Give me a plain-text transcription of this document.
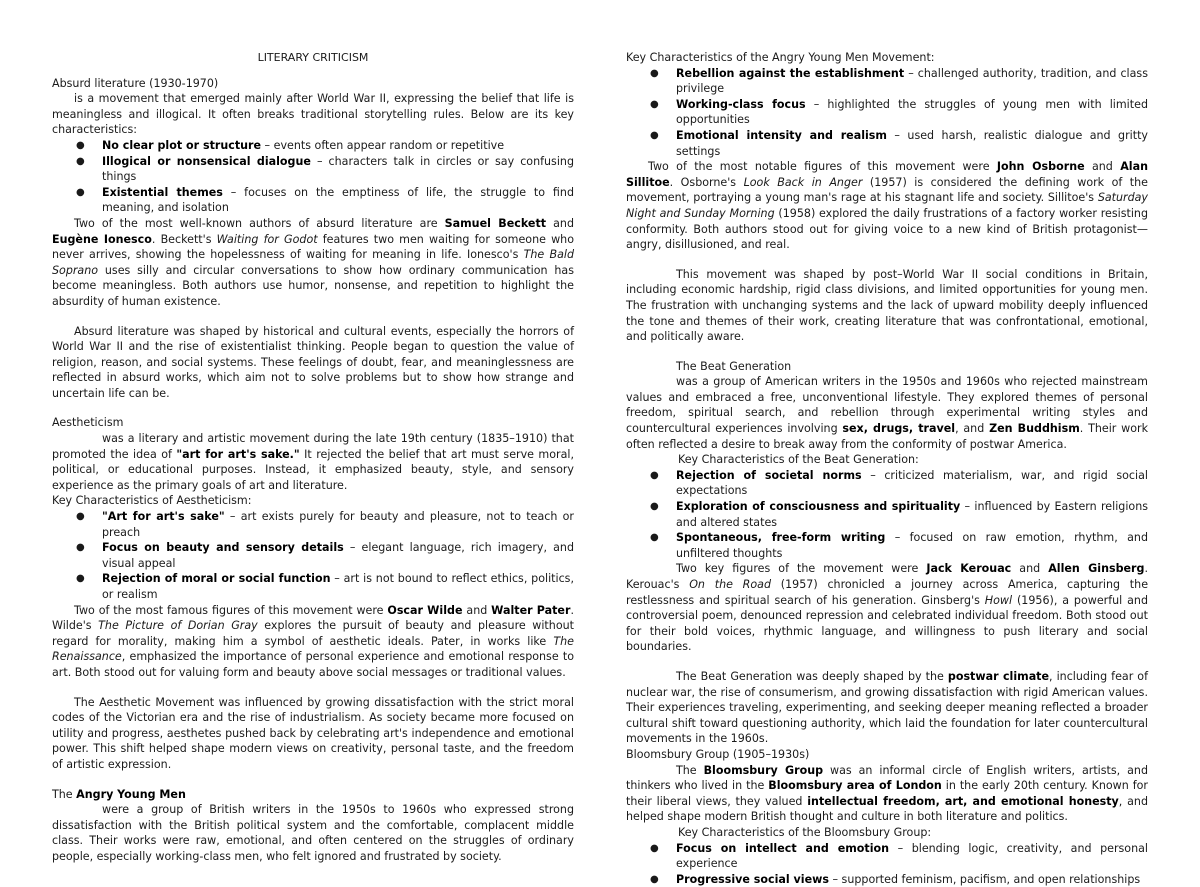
LITERARY CRITICISM

Absurd literature (1930-1970)

is a movement that emerged mainly after World War II, expressing the belief that life is meaningless and illogical. It often breaks traditional storytelling rules. Below are its key characteristics:

● No clear plot or structure – events often appear random or repetitive
● Illogical or nonsensical dialogue – characters talk in circles or say confusing things
● Existential themes – focuses on the emptiness of life, the struggle to find meaning, and isolation

Two of the most well-known authors of absurd literature are Samuel Beckett and Eugène Ionesco. Beckett's Waiting for Godot features two men waiting for someone who never arrives, showing the hopelessness of waiting for meaning in life. Ionesco's The Bald Soprano uses silly and circular conversations to show how ordinary communication has become meaningless. Both authors use humor, nonsense, and repetition to highlight the absurdity of human existence.

Absurd literature was shaped by historical and cultural events, especially the horrors of World War II and the rise of existentialist thinking. People began to question the value of religion, reason, and social systems. These feelings of doubt, fear, and meaninglessness are reflected in absurd works, which aim not to solve problems but to show how strange and uncertain life can be.

Aestheticism

was a literary and artistic movement during the late 19th century (1835–1910) that promoted the idea of "art for art's sake." It rejected the belief that art must serve moral, political, or educational purposes. Instead, it emphasized beauty, style, and sensory experience as the primary goals of art and literature.

Key Characteristics of Aestheticism:

● "Art for art's sake" – art exists purely for beauty and pleasure, not to teach or preach
● Focus on beauty and sensory details – elegant language, rich imagery, and visual appeal
● Rejection of moral or social function – art is not bound to reflect ethics, politics, or realism

Two of the most famous figures of this movement were Oscar Wilde and Walter Pater. Wilde's The Picture of Dorian Gray explores the pursuit of beauty and pleasure without regard for morality, making him a symbol of aesthetic ideals. Pater, in works like The Renaissance, emphasized the importance of personal experience and emotional response to art. Both stood out for valuing form and beauty above social messages or traditional values.

The Aesthetic Movement was influenced by growing dissatisfaction with the strict moral codes of the Victorian era and the rise of industrialism. As society became more focused on utility and progress, aesthetes pushed back by celebrating art's independence and emotional power. This shift helped shape modern views on creativity, personal taste, and the freedom of artistic expression.

The Angry Young Men

were a group of British writers in the 1950s to 1960s who expressed strong dissatisfaction with the British political system and the comfortable, complacent middle class. Their works were raw, emotional, and often centered on the struggles of ordinary people, especially working-class men, who felt ignored and frustrated by society.

Key Characteristics of the Angry Young Men Movement:

● Rebellion against the establishment – challenged authority, tradition, and class privilege
● Working-class focus – highlighted the struggles of young men with limited opportunities
● Emotional intensity and realism – used harsh, realistic dialogue and gritty settings

Two of the most notable figures of this movement were John Osborne and Alan Sillitoe. Osborne's Look Back in Anger (1957) is considered the defining work of the movement, portraying a young man's rage at his stagnant life and society. Sillitoe's Saturday Night and Sunday Morning (1958) explored the daily frustrations of a factory worker resisting conformity. Both authors stood out for giving voice to a new kind of British protagonist—angry, disillusioned, and real.

This movement was shaped by post–World War II social conditions in Britain, including economic hardship, rigid class divisions, and limited opportunities for young men. The frustration with unchanging systems and the lack of upward mobility deeply influenced the tone and themes of their work, creating literature that was confrontational, emotional, and politically aware.

The Beat Generation

was a group of American writers in the 1950s and 1960s who rejected mainstream values and embraced a free, unconventional lifestyle. They explored themes of personal freedom, spiritual search, and rebellion through experimental writing styles and countercultural experiences involving sex, drugs, travel, and Zen Buddhism. Their work often reflected a desire to break away from the conformity of postwar America.

Key Characteristics of the Beat Generation:

● Rejection of societal norms – criticized materialism, war, and rigid social expectations
● Exploration of consciousness and spirituality – influenced by Eastern religions and altered states
● Spontaneous, free-form writing – focused on raw emotion, rhythm, and unfiltered thoughts

Two key figures of the movement were Jack Kerouac and Allen Ginsberg. Kerouac's On the Road (1957) chronicled a journey across America, capturing the restlessness and spiritual search of his generation. Ginsberg's Howl (1956), a powerful and controversial poem, denounced repression and celebrated individual freedom. Both stood out for their bold voices, rhythmic language, and willingness to push literary and social boundaries.

The Beat Generation was deeply shaped by the postwar climate, including fear of nuclear war, the rise of consumerism, and growing dissatisfaction with rigid American values. Their experiences traveling, experimenting, and seeking deeper meaning reflected a broader cultural shift toward questioning authority, which laid the foundation for later countercultural movements in the 1960s.

Bloomsbury Group (1905–1930s)

The Bloomsbury Group was an informal circle of English writers, artists, and thinkers who lived in the Bloomsbury area of London in the early 20th century. Known for their liberal views, they valued intellectual freedom, art, and emotional honesty, and helped shape modern British thought and culture in both literature and politics.

Key Characteristics of the Bloomsbury Group:

● Focus on intellect and emotion – blending logic, creativity, and personal experience
● Progressive social views – supported feminism, pacifism, and open relationships
